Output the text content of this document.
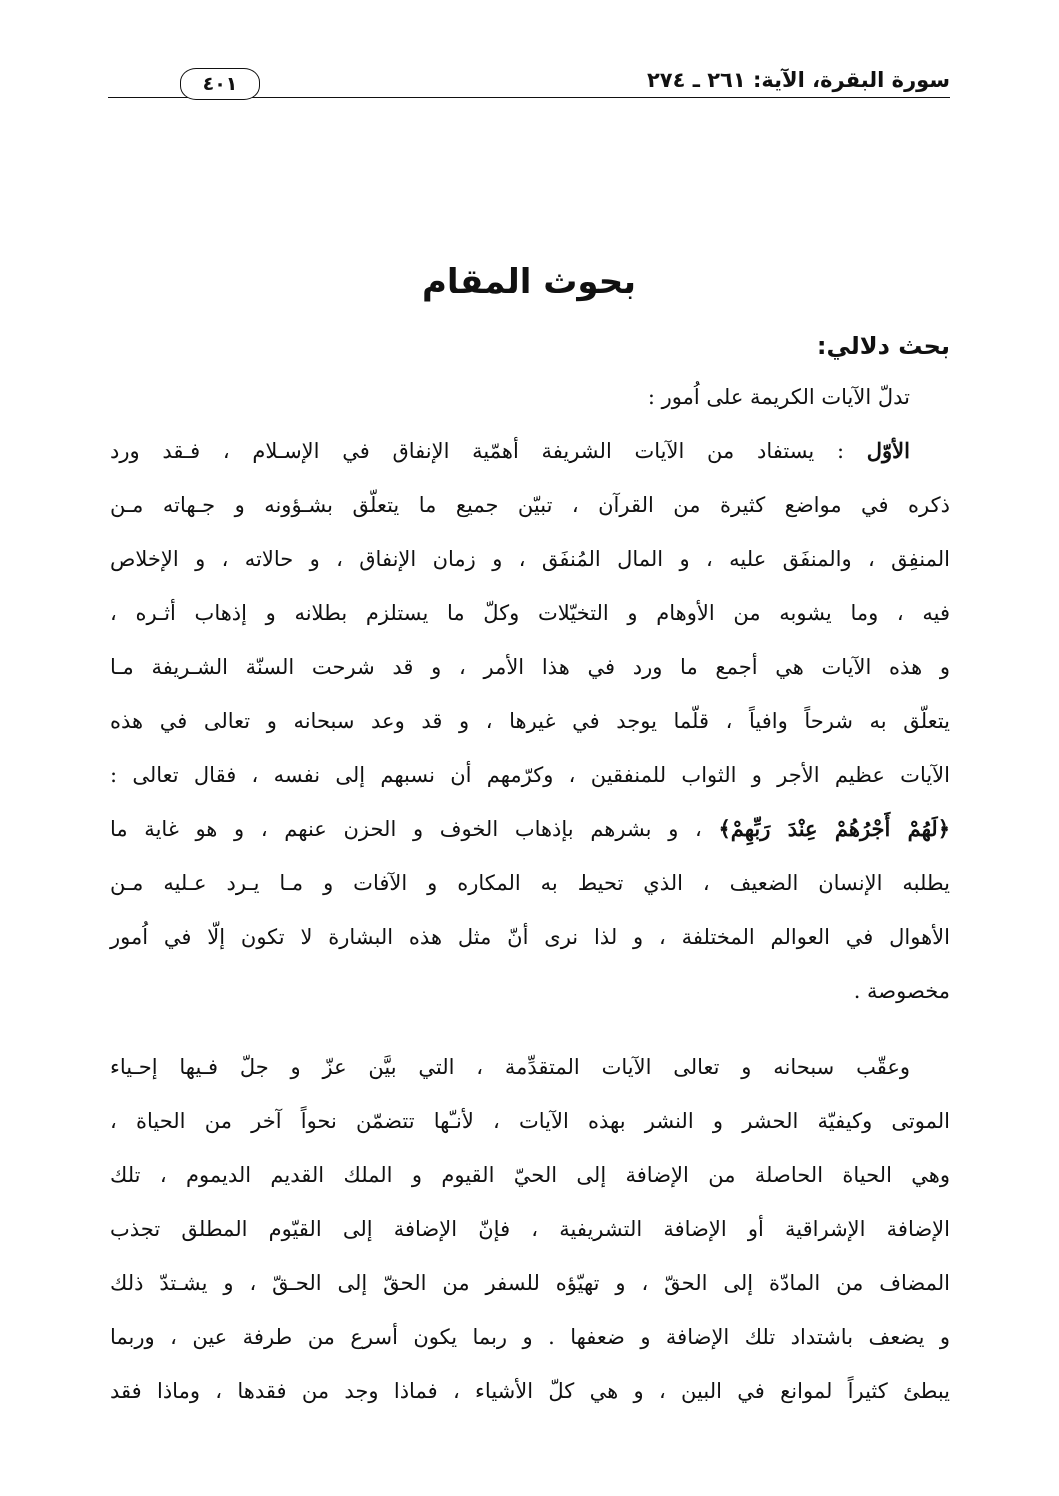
سورة البقرة، الآية: ٢٦١ ـ ٢٧٤
٤٠١
بحوث المقام
بحث دلالي:
تدلّ الآيات الكريمة على اُمور :
الأوّل : يستفاد من الآيات الشريفة أهمّية الإنفاق في الإسـلام ، فـقد ورد
ذكره في مواضع كثيرة من القرآن ، تبيّن جميع ما يتعلّق بشـؤونه و جـهاته مـن
المنفِق ، والمنفَق عليه ، و المال المُنفَق ، و زمان الإنفاق ، و حالاته ، و الإخلاص
فيه ، وما يشوبه من الأوهام و التخيّلات وكلّ ما يستلزم بطلانه و إذهاب أثـره ،
و هذه الآيات هي أجمع ما ورد في هذا الأمر ، و قد شرحت السنّة الشـريفة مـا
يتعلّق به شرحاً وافياً ، قلّما يوجد في غيرها ، و قد وعد سبحانه و تعالى في هذه
الآيات عظيم الأجر و الثواب للمنفقين ، وكرّمهم أن نسبهم إلى نفسه ، فقال تعالى :
﴿لَهُمْ أَجْرُهُمْ عِنْدَ رَبِّهِمْ﴾ ، و بشرهم بإذهاب الخوف و الحزن عنهم ، و هو غاية ما
يطلبه الإنسان الضعيف ، الذي تحيط به المكاره و الآفات و مـا يـرد عـليه مـن
الأهوال في العوالم المختلفة ، و لذا نرى أنّ مثل هذه البشارة لا تكون إلّا في اُمور
مخصوصة .
وعقّب سبحانه و تعالى الآيات المتقدِّمة ، التي بيَّن عزّ و جلّ فـيها إحـياء
الموتى وكيفيّة الحشر و النشر بهذه الآيات ، لأنـّها تتضمّن نحواً آخر من الحياة ،
وهي الحياة الحاصلة من الإضافة إلى الحيّ القيوم و الملك القديم الديموم ، تلك
الإضافة الإشراقية أو الإضافة التشريفية ، فإنّ الإضافة إلى القيّوم المطلق تجذب
المضاف من المادّة إلى الحقّ ، و تهيّؤه للسفر من الحقّ إلى الحـقّ ، و يشـتدّ ذلك
و يضعف باشتداد تلك الإضافة و ضعفها . و ربما يكون أسرع من طرفة عين ، وربما
يبطئ كثيراً لموانع في البين ، و هي كلّ الأشياء ، فماذا وجد من فقدها ، وماذا فقد
